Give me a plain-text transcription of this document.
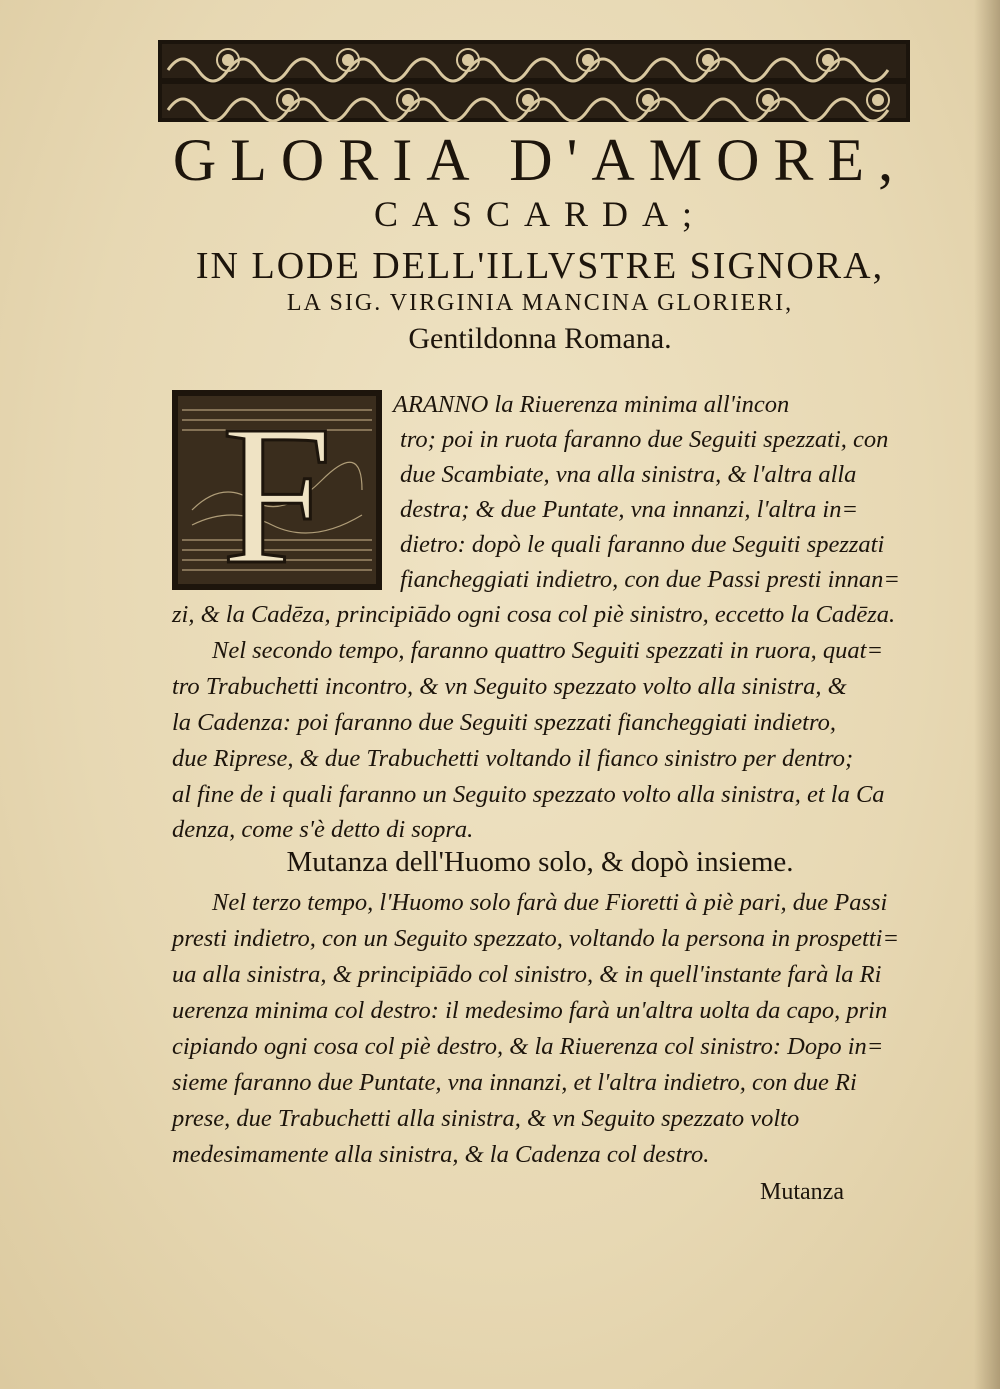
GLORIA D'AMORE,
CASCARDA;
IN LODE DELL'ILLVSTRE SIGNORA,
LA SIG. VIRGINIA MANCINA GLORIERI,
Gentildonna Romana.
F ARANNO la Riuerenza minima all'incon
tro; poi in ruota faranno due Seguiti spezzati, con
due Scambiate, vna alla sinistra, & l'altra alla
destra; & due Puntate, vna innanzi, l'altra in=
dietro: dopò le quali faranno due Seguiti spezzati
fiancheggiati indietro, con due Passi presti innan=
zi, & la Cadēza, principiādo ogni cosa col piè sinistro, eccetto la Cadēza.
Nel secondo tempo, faranno quattro Seguiti spezzati in ruora, quat=
tro Trabuchetti incontro, & vn Seguito spezzato volto alla sinistra, &
la Cadenza: poi faranno due Seguiti spezzati fiancheggiati indietro,
due Riprese, & due Trabuchetti voltando il fianco sinistro per dentro;
al fine de i quali faranno un Seguito spezzato volto alla sinistra, et la Ca
denza, come s'è detto di sopra.
Mutanza dell'Huomo solo, & dopò insieme.
Nel terzo tempo, l'Huomo solo farà due Fioretti à piè pari, due Passi
presti indietro, con un Seguito spezzato, voltando la persona in prospetti=
ua alla sinistra, & principiādo col sinistro, & in quell'instante farà la Ri
uerenza minima col destro: il medesimo farà un'altra uolta da capo, prin
cipiando ogni cosa col piè destro, & la Riuerenza col sinistro: Dopo in=
sieme faranno due Puntate, vna innanzi, et l'altra indietro, con due Ri
prese, due Trabuchetti alla sinistra, & vn Seguito spezzato volto
medesimamente alla sinistra, & la Cadenza col destro.
Mutanza
